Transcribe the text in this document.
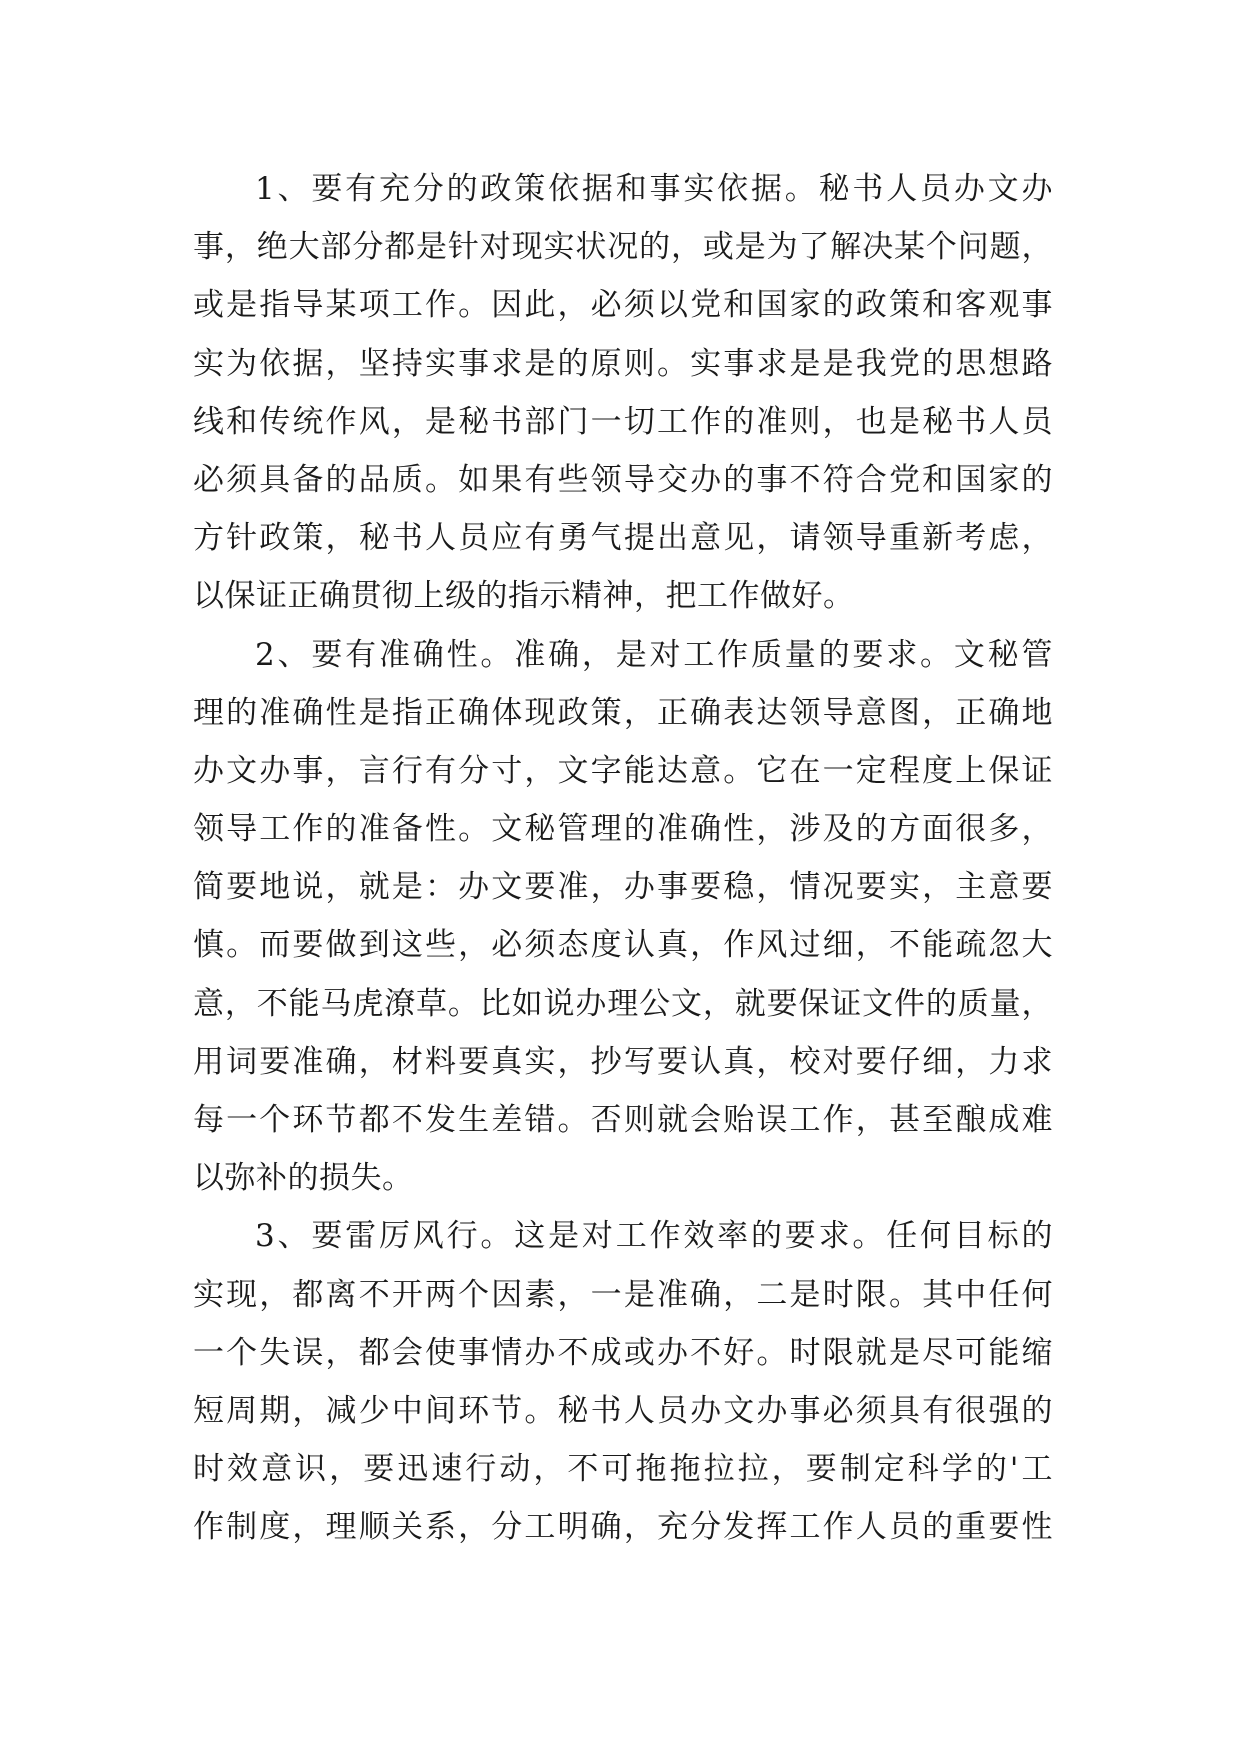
1、要有充分的政策依据和事实依据。秘书人员办文办
事，绝大部分都是针对现实状况的，或是为了解决某个问题，
或是指导某项工作。因此，必须以党和国家的政策和客观事
实为依据，坚持实事求是的原则。实事求是是我党的思想路
线和传统作风，是秘书部门一切工作的准则，也是秘书人员
必须具备的品质。如果有些领导交办的事不符合党和国家的
方针政策，秘书人员应有勇气提出意见，请领导重新考虑，
以保证正确贯彻上级的指示精神，把工作做好。
2、要有准确性。准确，是对工作质量的要求。文秘管
理的准确性是指正确体现政策，正确表达领导意图，正确地
办文办事，言行有分寸，文字能达意。它在一定程度上保证
领导工作的准备性。文秘管理的准确性，涉及的方面很多，
简要地说，就是：办文要准，办事要稳，情况要实，主意要
慎。而要做到这些，必须态度认真，作风过细，不能疏忽大
意，不能马虎潦草。比如说办理公文，就要保证文件的质量，
用词要准确，材料要真实，抄写要认真，校对要仔细，力求
每一个环节都不发生差错。否则就会贻误工作，甚至酿成难
以弥补的损失。
3、要雷厉风行。这是对工作效率的要求。任何目标的
实现，都离不开两个因素，一是准确，二是时限。其中任何
一个失误，都会使事情办不成或办不好。时限就是尽可能缩
短周期，减少中间环节。秘书人员办文办事必须具有很强的
时效意识，要迅速行动，不可拖拖拉拉，要制定科学的'工
作制度，理顺关系，分工明确，充分发挥工作人员的重要性
